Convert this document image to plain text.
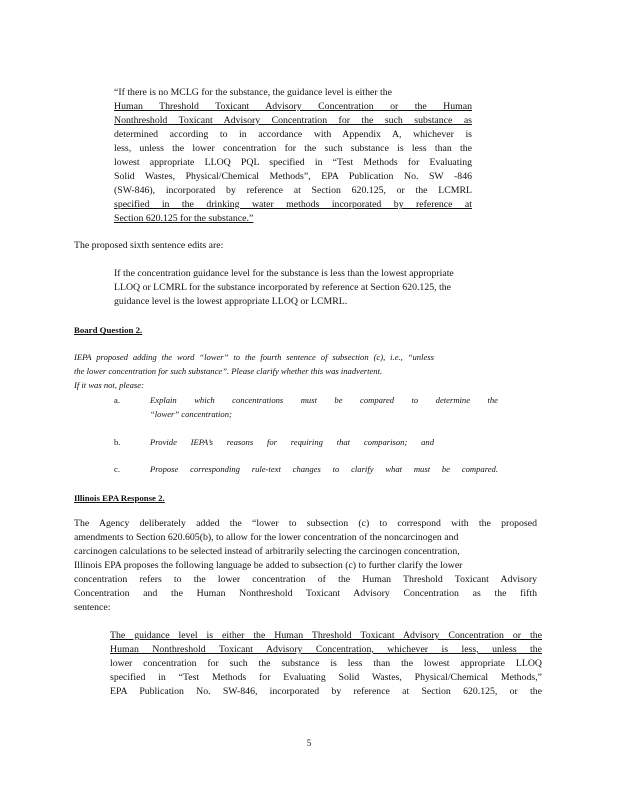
“If there is no MCLG for the substance, the guidance level is either the
Human Threshold Toxicant Advisory Concentration or the Human
Nonthreshold Toxicant Advisory Concentration for the such substance as
determined according to in accordance with Appendix A, whichever is
less, unless the lower concentration for the such substance is less than the
lowest appropriate LLOQ PQL specified in “Test Methods for Evaluating
Solid Wastes, Physical/Chemical Methods”, EPA Publication No. SW -846
(SW-846), incorporated by reference at Section 620.125, or the LCMRL
specified in the drinking water methods incorporated by reference at
Section 620.125 for the substance.”
The proposed sixth sentence edits are:
If the concentration guidance level for the substance is less than the lowest appropriate
LLOQ or LCMRL for the substance incorporated by reference at Section 620.125, the
guidance level is the lowest appropriate LLOQ or LCMRL.
Board Question 2.
IEPA proposed adding the word “lower” to the fourth sentence of subsection (c), i.e., “unless
the lower concentration for such substance”. Please clarify whether this was inadvertent.
If it was not, please:
a.	Explain which concentrations must be compared to determine the
“lower” concentration;
b.	Provide IEPA’s reasons for requiring that comparison; and
c.	Propose corresponding rule-text changes to clarify what must be compared.
Illinois EPA Response 2.
The Agency deliberately added the “lower to subsection (c) to correspond with the proposed
amendments to Section 620.605(b), to allow for the lower concentration of the noncarcinogen and
carcinogen calculations to be selected instead of arbitrarily selecting the carcinogen concentration,
Illinois EPA proposes the following language be added to subsection (c) to further clarify the lower
concentration refers to the lower concentration of the Human Threshold Toxicant Advisory
Concentration and the Human Nonthreshold Toxicant Advisory Concentration as the fifth
sentence:
The guidance level is either the Human Threshold Toxicant Advisory Concentration or the
Human Nonthreshold Toxicant Advisory Concentration, whichever is less, unless the
lower concentration for such the substance is less than the lowest appropriate LLOQ
specified in “Test Methods for Evaluating Solid Wastes, Physical/Chemical Methods,”
EPA Publication No. SW-846, incorporated by reference at Section 620.125, or the
5
